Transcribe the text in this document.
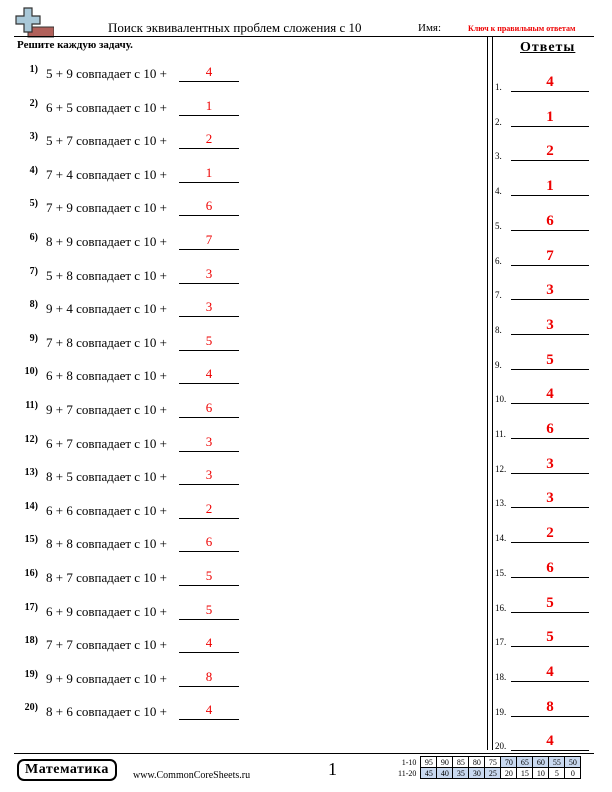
Поиск эквивалентных проблем сложения с 10	Имя:	Ключ к правильным ответам
Решите каждую задачу.
1) 5 + 9 совпадает с 10 +	4
2) 6 + 5 совпадает с 10 +	1
3) 5 + 7 совпадает с 10 +	2
4) 7 + 4 совпадает с 10 +	1
5) 7 + 9 совпадает с 10 +	6
6) 8 + 9 совпадает с 10 +	7
7) 5 + 8 совпадает с 10 +	3
8) 9 + 4 совпадает с 10 +	3
9) 7 + 8 совпадает с 10 +	5
10) 6 + 8 совпадает с 10 +	4
11) 9 + 7 совпадает с 10 +	6
12) 6 + 7 совпадает с 10 +	3
13) 8 + 5 совпадает с 10 +	3
14) 6 + 6 совпадает с 10 +	2
15) 8 + 8 совпадает с 10 +	6
16) 8 + 7 совпадает с 10 +	5
17) 6 + 9 совпадает с 10 +	5
18) 7 + 7 совпадает с 10 +	4
19) 9 + 9 совпадает с 10 +	8
20) 8 + 6 совпадает с 10 +	4
Ответы
1.	4
2.	1
3.	2
4.	1
5.	6
6.	7
7.	3
8.	3
9.	5
10.	4
11.	6
12.	3
13.	3
14.	2
15.	6
16.	5
17.	5
18.	4
19.	8
20.	4
Математика	www.CommonCoreSheets.ru	1	1-10	95	90	85	80	75	70	65	60	55	50
11-20	45	40	35	30	25	20	15	10	5	0
